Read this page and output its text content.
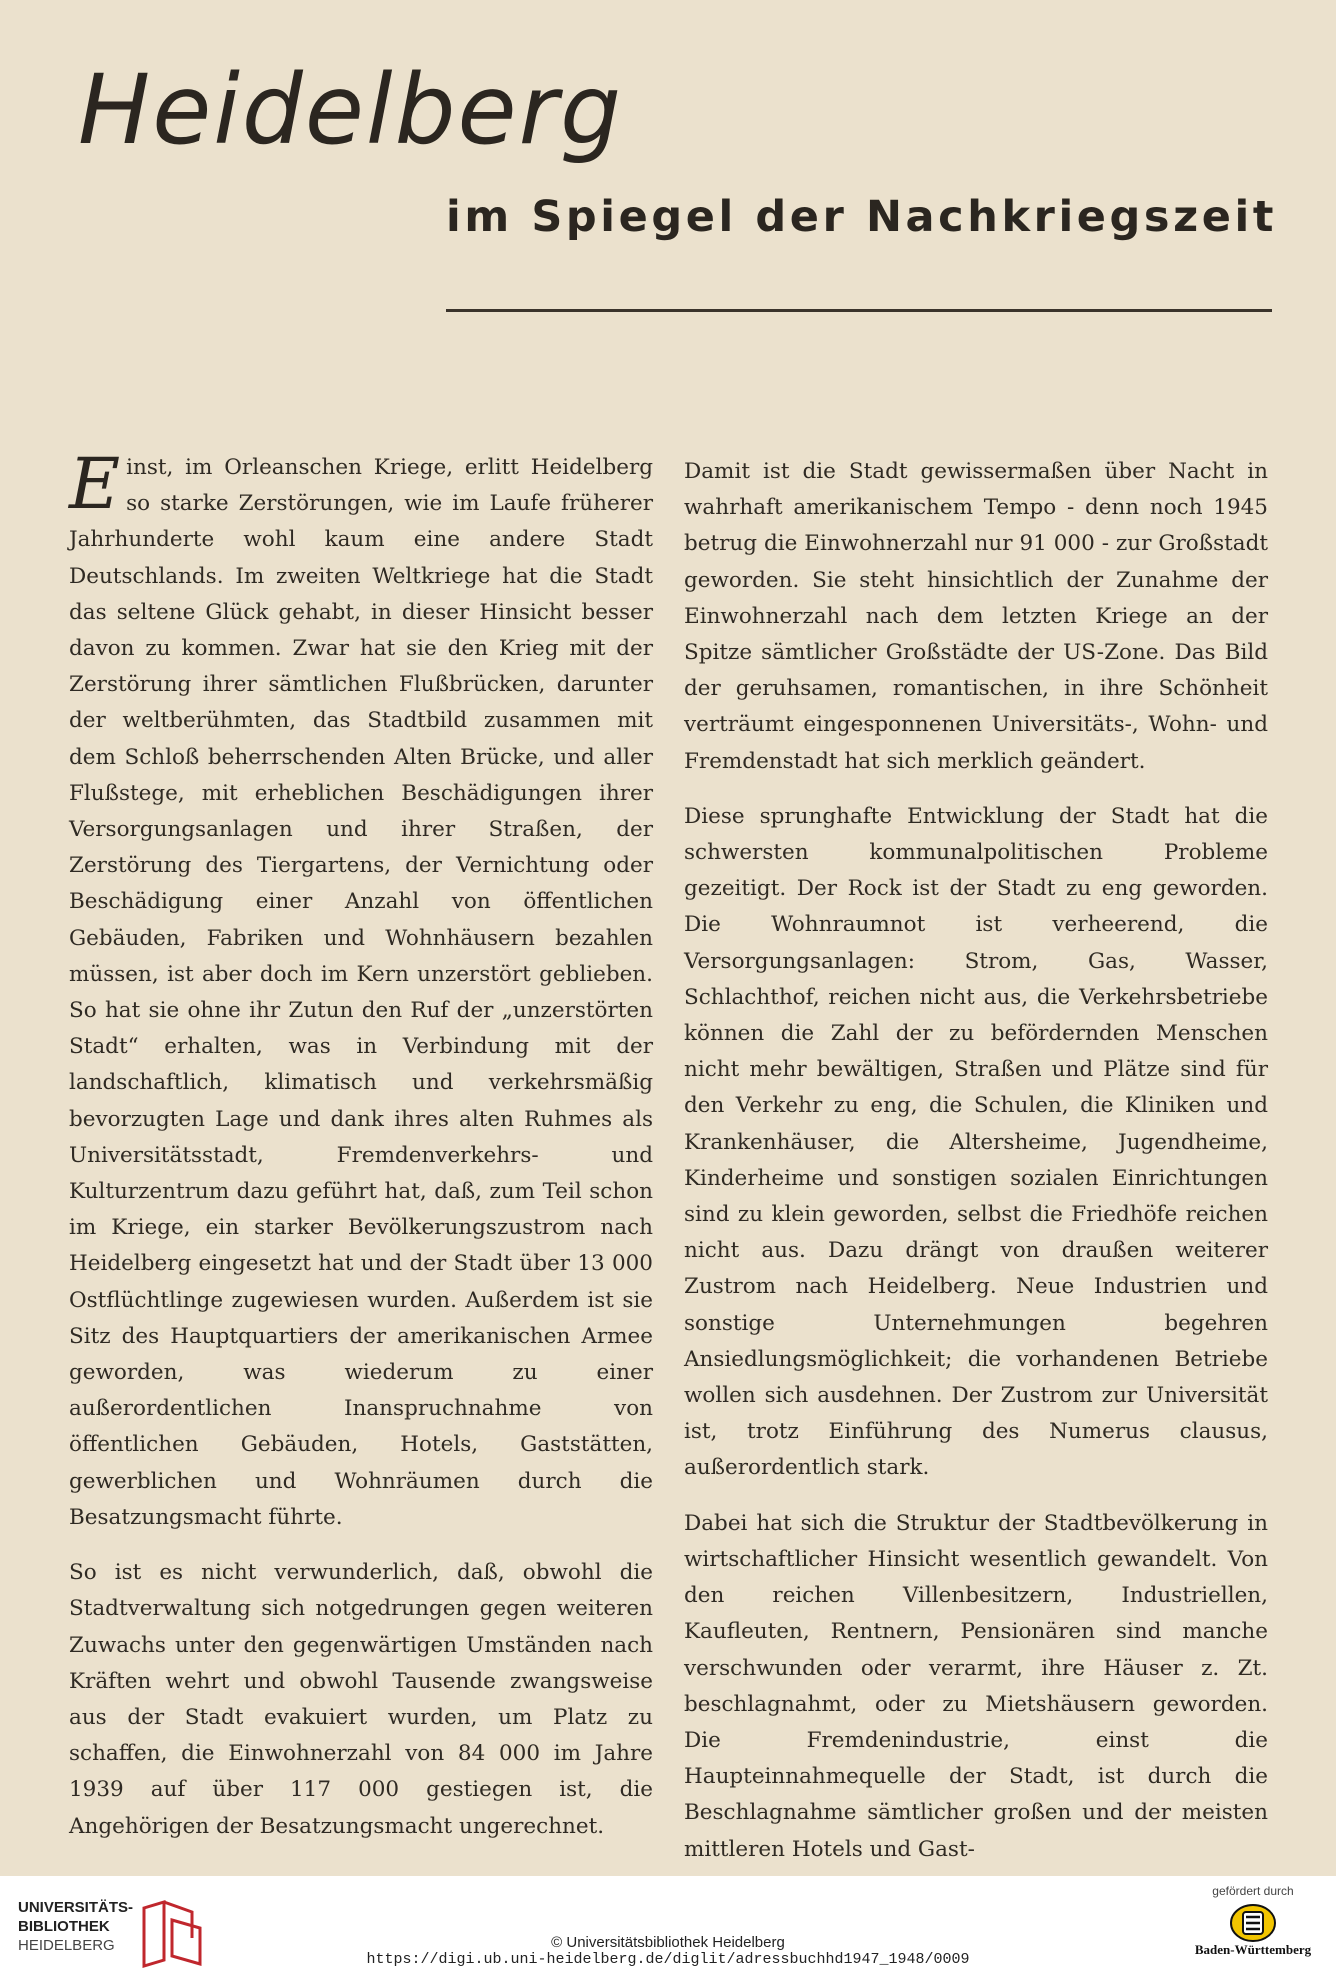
Heidelberg
im Spiegel der Nachkriegszeit

Einst, im Orleanschen Kriege, erlitt Heidelberg so starke Zerstörungen, wie im Laufe früherer Jahrhunderte wohl kaum eine andere Stadt Deutschlands. Im zweiten Weltkriege hat die Stadt das seltene Glück gehabt, in dieser Hinsicht besser davon zu kommen. Zwar hat sie den Krieg mit der Zerstörung ihrer sämtlichen Flußbrücken, darunter der weltberühmten, das Stadtbild zusammen mit dem Schloß beherrschenden Alten Brücke, und aller Flußstege, mit erheblichen Beschädigungen ihrer Versorgungsanlagen und ihrer Straßen, der Zerstörung des Tiergartens, der Vernichtung oder Beschädigung einer Anzahl von öffentlichen Gebäuden, Fabriken und Wohnhäusern bezahlen müssen, ist aber doch im Kern unzerstört geblieben. So hat sie ohne ihr Zutun den Ruf der „unzerstörten Stadt“ erhalten, was in Verbindung mit der landschaftlich, klimatisch und verkehrsmäßig bevorzugten Lage und dank ihres alten Ruhmes als Universitätsstadt, Fremdenverkehrs- und Kulturzentrum dazu geführt hat, daß, zum Teil schon im Kriege, ein starker Bevölkerungszustrom nach Heidelberg eingesetzt hat und der Stadt über 13 000 Ostflüchtlinge zugewiesen wurden. Außerdem ist sie Sitz des Hauptquartiers der amerikanischen Armee geworden, was wiederum zu einer außerordentlichen Inanspruchnahme von öffentlichen Gebäuden, Hotels, Gaststätten, gewerblichen und Wohnräumen durch die Besatzungsmacht führte.

So ist es nicht verwunderlich, daß, obwohl die Stadtverwaltung sich notgedrungen gegen weiteren Zuwachs unter den gegenwärtigen Umständen nach Kräften wehrt und obwohl Tausende zwangsweise aus der Stadt evakuiert wurden, um Platz zu schaffen, die Einwohnerzahl von 84 000 im Jahre 1939 auf über 117 000 gestiegen ist, die Angehörigen der Besatzungsmacht ungerechnet.

Damit ist die Stadt gewissermaßen über Nacht in wahrhaft amerikanischem Tempo - denn noch 1945 betrug die Einwohnerzahl nur 91 000 - zur Großstadt geworden. Sie steht hinsichtlich der Zunahme der Einwohnerzahl nach dem letzten Kriege an der Spitze sämtlicher Großstädte der US-Zone. Das Bild der geruhsamen, romantischen, in ihre Schönheit verträumt eingesponnenen Universitäts-, Wohn- und Fremdenstadt hat sich merklich geändert.

Diese sprunghafte Entwicklung der Stadt hat die schwersten kommunalpolitischen Probleme gezeitigt. Der Rock ist der Stadt zu eng geworden. Die Wohnraumnot ist verheerend, die Versorgungsanlagen: Strom, Gas, Wasser, Schlachthof, reichen nicht aus, die Verkehrsbetriebe können die Zahl der zu befördernden Menschen nicht mehr bewältigen, Straßen und Plätze sind für den Verkehr zu eng, die Schulen, die Kliniken und Krankenhäuser, die Altersheime, Jugendheime, Kinderheime und sonstigen sozialen Einrichtungen sind zu klein geworden, selbst die Friedhöfe reichen nicht aus. Dazu drängt von draußen weiterer Zustrom nach Heidelberg. Neue Industrien und sonstige Unternehmungen begehren Ansiedlungsmöglichkeit; die vorhandenen Betriebe wollen sich ausdehnen. Der Zustrom zur Universität ist, trotz Einführung des Numerus clausus, außerordentlich stark.

Dabei hat sich die Struktur der Stadtbevölkerung in wirtschaftlicher Hinsicht wesentlich gewandelt. Von den reichen Villenbesitzern, Industriellen, Kaufleuten, Rentnern, Pensionären sind manche verschwunden oder verarmt, ihre Häuser z. Zt. beschlagnahmt, oder zu Mietshäusern geworden. Die Fremdenindustrie, einst die Haupteinnahmequelle der Stadt, ist durch die Beschlagnahme sämtlicher großen und der meisten mittleren Hotels und Gast-

UNIVERSITÄTS-
BIBLIOTHEK
HEIDELBERG	© Universitätsbibliothek Heidelberg
https://digi.ub.uni-heidelberg.de/diglit/adressbuchhd1947_1948/0009
gefördert durch
Baden-Württemberg
